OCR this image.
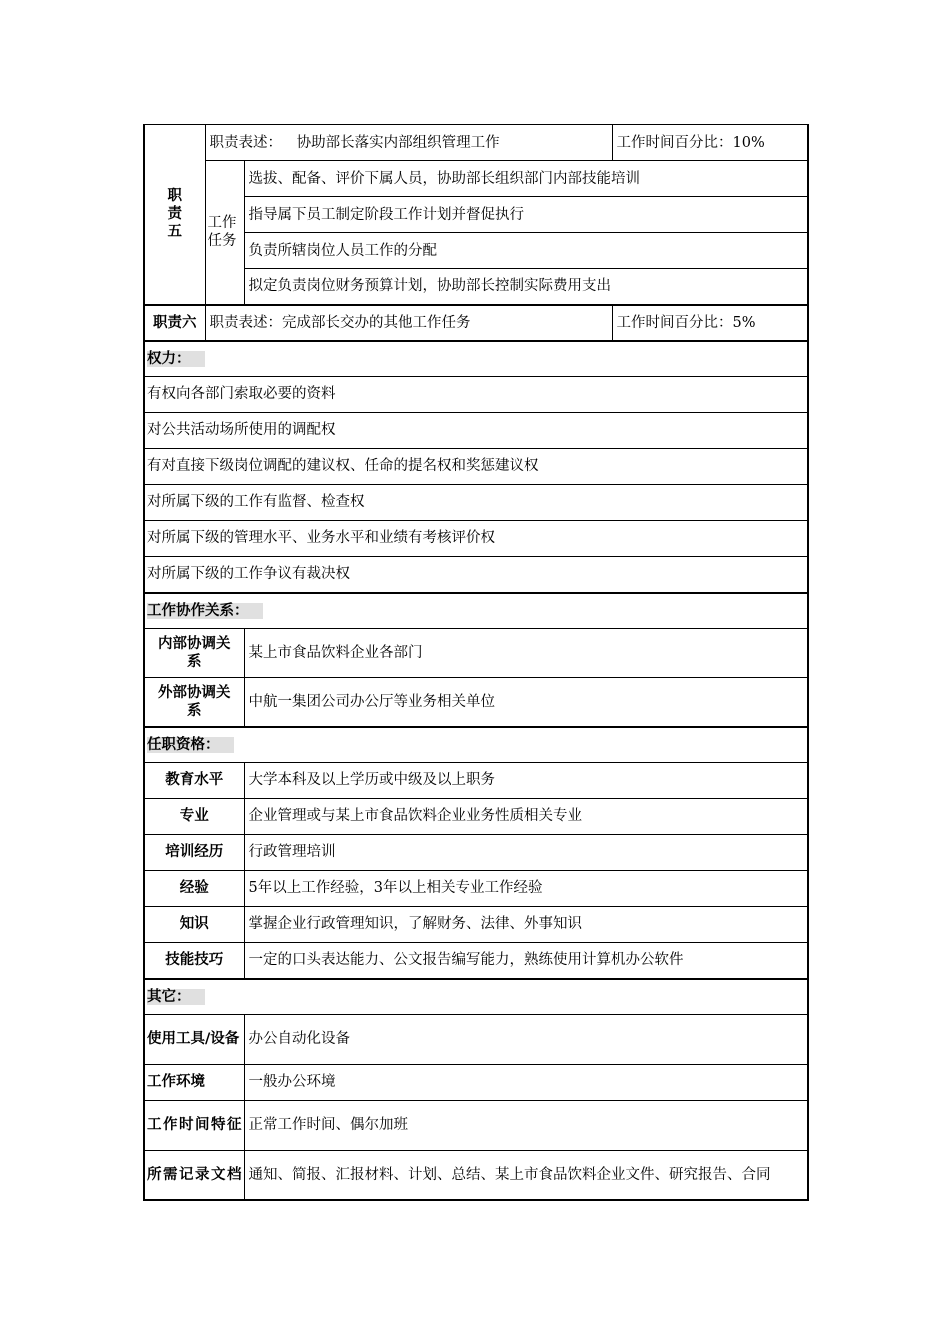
职
责
五	职责表述： 协助部长落实内部组织管理工作		工作时间百分比：10%
	工作
任务	选拔、配备、评价下属人员，协助部长组织部门内部技能培训	
		指导属下员工制定阶段工作计划并督促执行	
		负责所辖岗位人员工作的分配	
		拟定负责岗位财务预算计划，协助部长控制实际费用支出	
职责六	职责表述：完成部长交办的其他工作任务		工作时间百分比：5%
权力：			
有权向各部门索取必要的资料			
对公共活动场所使用的调配权			
有对直接下级岗位调配的建议权、任命的提名权和奖惩建议权			
对所属下级的工作有监督、检查权			
对所属下级的管理水平、业务水平和业绩有考核评价权			
对所属下级的工作争议有裁决权			
工作协作关系：			
内部协调关系		某上市食品饮料企业各部门	
外部协调关系		中航一集团公司办公厅等业务相关单位	
任职资格：			
教育水平		大学本科及以上学历或中级及以上职务	
专业		企业管理或与某上市食品饮料企业业务性质相关专业	
培训经历		行政管理培训	
经验		5年以上工作经验，3年以上相关专业工作经验	
知识		掌握企业行政管理知识，了解财务、法律、外事知识	
技能技巧		一定的口头表达能力、公文报告编写能力，熟练使用计算机办公软件	
其它：			
使用工具/设备		办公自动化设备	
工作环境		一般办公环境	
工作时间特征		正常工作时间、偶尔加班	
所需记录文档		通知、简报、汇报材料、计划、总结、某上市食品饮料企业文件、研究报告、合同	
